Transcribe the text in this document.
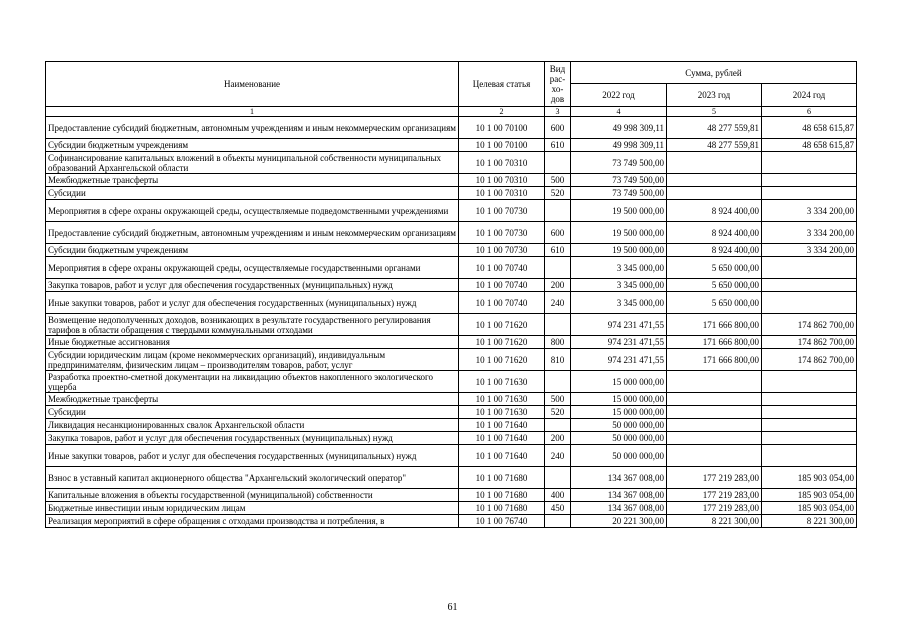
Наименование	Целевая статья	Вид
рас-
хо-
дов	Сумма, рублей		
			2022 год	2023 год	2024 год
1	2	3	4	5	6

Предоставление субсидий бюджетным, автономным учреждениям и иным некоммерческим организациям	10 1 00 70100	600	49 998 309,11	48 277 559,81	48 658 615,87

Субсидии бюджетным учреждениям	10 1 00 70100	610	49 998 309,11	48 277 559,81	48 658 615,87

Софинансирование капитальных вложений в объекты муниципальной собственности муниципальных образований Архангельской области	10 1 00 70310		73 749 500,00		

Межбюджетные трансферты	10 1 00 70310	500	73 749 500,00		

Субсидии	10 1 00 70310	520	73 749 500,00		

Мероприятия в сфере охраны окружающей среды, осуществляемые подведомственными учреждениями	10 1 00 70730		19 500 000,00	8 924 400,00	3 334 200,00

Предоставление субсидий бюджетным, автономным учреждениям и иным некоммерческим организациям	10 1 00 70730	600	19 500 000,00	8 924 400,00	3 334 200,00

Субсидии бюджетным учреждениям	10 1 00 70730	610	19 500 000,00	8 924 400,00	3 334 200,00

Мероприятия в сфере охраны окружающей среды, осуществляемые государственными органами	10 1 00 70740		3 345 000,00	5 650 000,00	

Закупка товаров, работ и услуг для обеспечения государственных (муниципальных) нужд	10 1 00 70740	200	3 345 000,00	5 650 000,00	

Иные закупки товаров, работ и услуг для обеспечения государственных (муниципальных) нужд	10 1 00 70740	240	3 345 000,00	5 650 000,00	

Возмещение недополученных доходов, возникающих в результате государственного регулирования тарифов в области обращения с твердыми коммунальными отходами	10 1 00 71620		974 231 471,55	171 666 800,00	174 862 700,00

Иные бюджетные ассигнования	10 1 00 71620	800	974 231 471,55	171 666 800,00	174 862 700,00

Субсидии юридическим лицам (кроме некоммерческих организаций), индивидуальным предпринимателям, физическим лицам – производителям товаров, работ, услуг	10 1 00 71620	810	974 231 471,55	171 666 800,00	174 862 700,00

Разработка проектно-сметной документации на ликвидацию объектов накопленного экологического ущерба	10 1 00 71630		15 000 000,00		

Межбюджетные трансферты	10 1 00 71630	500	15 000 000,00		

Субсидии	10 1 00 71630	520	15 000 000,00		

Ликвидация несанкционированных свалок Архангельской области	10 1 00 71640		50 000 000,00		

Закупка товаров, работ и услуг для обеспечения государственных (муниципальных) нужд	10 1 00 71640	200	50 000 000,00		

Иные закупки товаров, работ и услуг для обеспечения государственных (муниципальных) нужд	10 1 00 71640	240	50 000 000,00		

Взнос в уставный капитал акционерного общества "Архангельский экологический оператор"	10 1 00 71680		134 367 008,00	177 219 283,00	185 903 054,00

Капитальные вложения в объекты государственной (муниципальной) собственности	10 1 00 71680	400	134 367 008,00	177 219 283,00	185 903 054,00

Бюджетные инвестиции иным юридическим лицам	10 1 00 71680	450	134 367 008,00	177 219 283,00	185 903 054,00

Реализация мероприятий в сфере обращения с отходами производства и потребления, в	10 1 00 76740		20 221 300,00	8 221 300,00	8 221 300,00
61
